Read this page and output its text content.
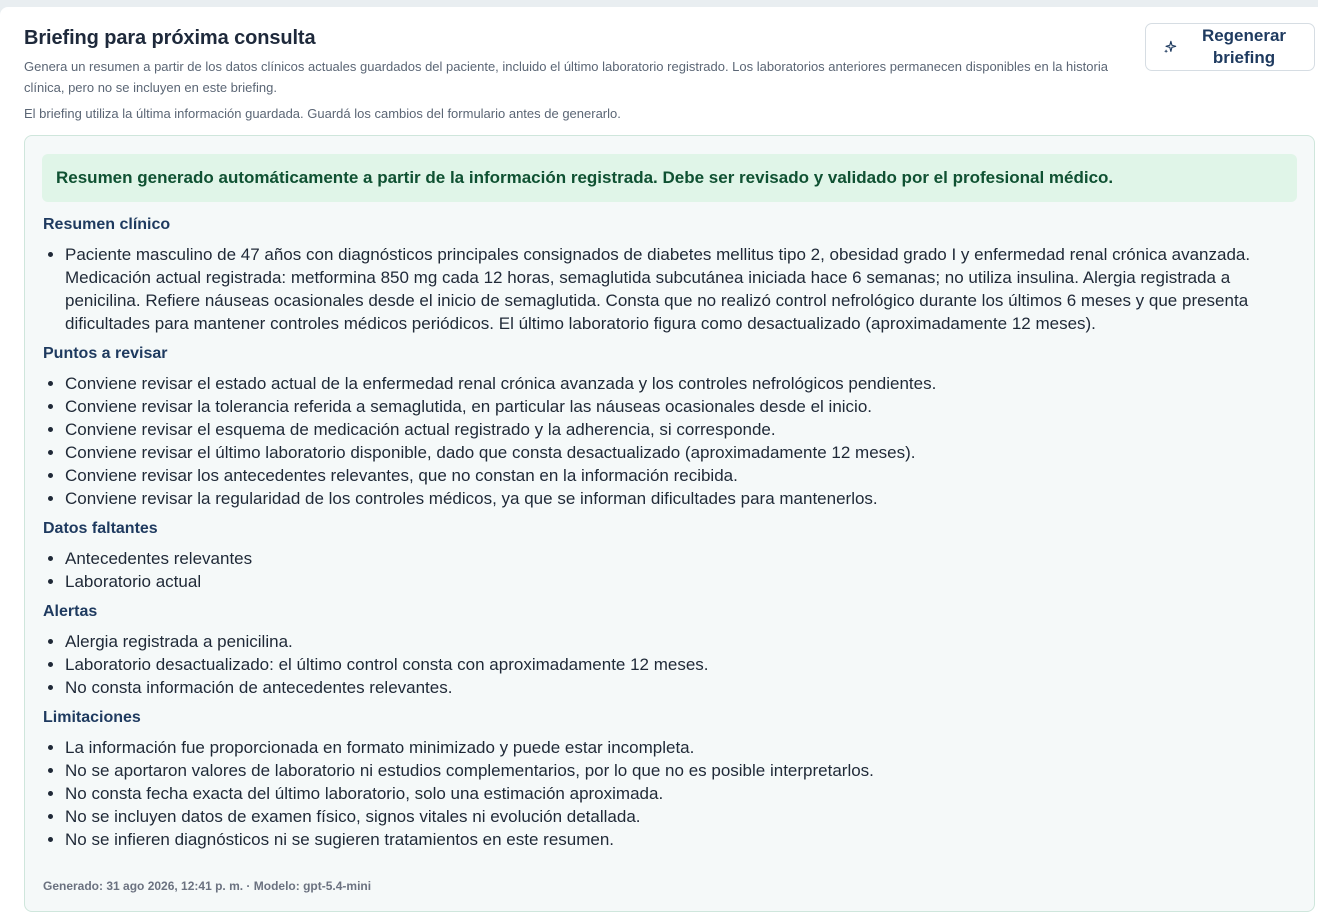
Briefing para próxima consulta

Genera un resumen a partir de los datos clínicos actuales guardados del paciente, incluido el último laboratorio registrado. Los laboratorios anteriores permanecen disponibles en la historia clínica, pero no se incluyen en este briefing.

El briefing utiliza la última información guardada. Guardá los cambios del formulario antes de generarlo.

Regenerar briefing
Resumen generado automáticamente a partir de la información registrada. Debe ser revisado y validado por el profesional médico.
Resumen clínico
• Paciente masculino de 47 años con diagnósticos principales consignados de diabetes mellitus tipo 2, obesidad grado I y enfermedad renal crónica avanzada. Medicación actual registrada: metformina 850 mg cada 12 horas, semaglutida subcutánea iniciada hace 6 semanas; no utiliza insulina. Alergia registrada a penicilina. Refiere náuseas ocasionales desde el inicio de semaglutida. Consta que no realizó control nefrológico durante los últimos 6 meses y que presenta dificultades para mantener controles médicos periódicos. El último laboratorio figura como desactualizado (aproximadamente 12 meses).
Puntos a revisar
• Conviene revisar el estado actual de la enfermedad renal crónica avanzada y los controles nefrológicos pendientes.
• Conviene revisar la tolerancia referida a semaglutida, en particular las náuseas ocasionales desde el inicio.
• Conviene revisar el esquema de medicación actual registrado y la adherencia, si corresponde.
• Conviene revisar el último laboratorio disponible, dado que consta desactualizado (aproximadamente 12 meses).
• Conviene revisar los antecedentes relevantes, que no constan en la información recibida.
• Conviene revisar la regularidad de los controles médicos, ya que se informan dificultades para mantenerlos.
Datos faltantes
• Antecedentes relevantes
• Laboratorio actual
Alertas
• Alergia registrada a penicilina.
• Laboratorio desactualizado: el último control consta con aproximadamente 12 meses.
• No consta información de antecedentes relevantes.
Limitaciones
• La información fue proporcionada en formato minimizado y puede estar incompleta.
• No se aportaron valores de laboratorio ni estudios complementarios, por lo que no es posible interpretarlos.
• No consta fecha exacta del último laboratorio, solo una estimación aproximada.
• No se incluyen datos de examen físico, signos vitales ni evolución detallada.
• No se infieren diagnósticos ni se sugieren tratamientos en este resumen.
Generado: 31 ago 2026, 12:41 p. m. · Modelo: gpt-5.4-mini
